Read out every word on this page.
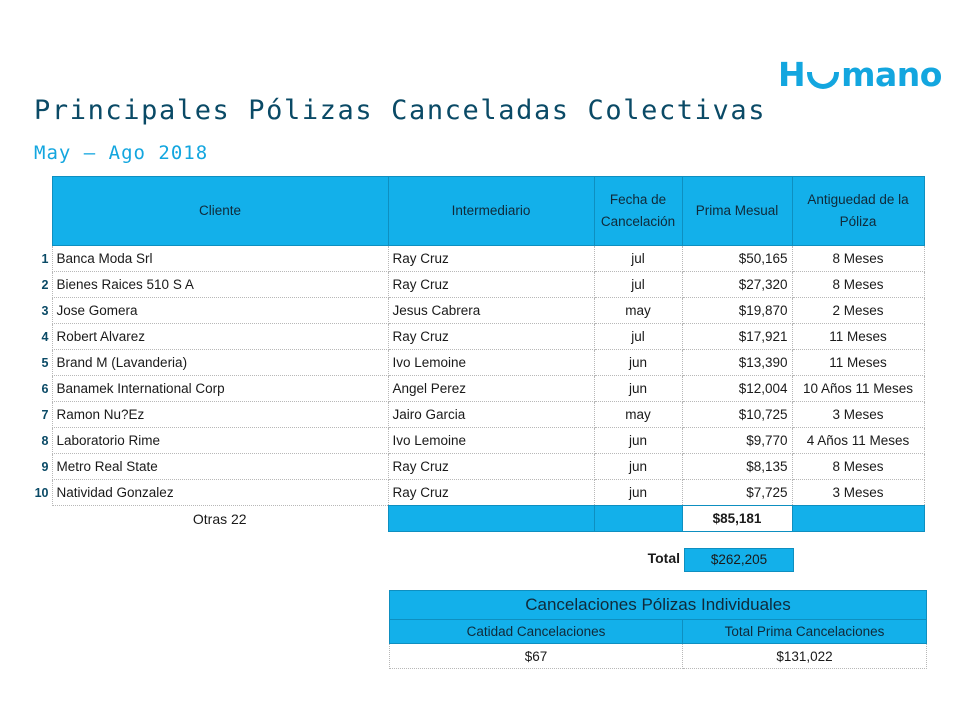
H mano
Principales Pólizas Canceladas Colectivas
May – Ago 2018
	Cliente	Intermediario	Fecha de Cancelación	Prima Mesual	Antiguedad de la Póliza
1	Banca Moda Srl	Ray Cruz	jul	$50,165	8 Meses
2	Bienes Raices 510 S A	Ray Cruz	jul	$27,320	8 Meses
3	Jose Gomera	Jesus Cabrera	may	$19,870	2 Meses
4	Robert Alvarez	Ray Cruz	jul	$17,921	11 Meses
5	Brand M (Lavanderia)	Ivo Lemoine	jun	$13,390	11 Meses
6	Banamek International Corp	Angel Perez	jun	$12,004	10 Años 11 Meses
7	Ramon Nu?Ez	Jairo Garcia	may	$10,725	3 Meses
8	Laboratorio Rime	Ivo Lemoine	jun	$9,770	4 Años 11 Meses
9	Metro Real State	Ray Cruz	jun	$8,135	8 Meses
10	Natividad Gonzalez	Ray Cruz	jun	$7,725	3 Meses
	Otras 22			$85,181	
Total	$262,205
Cancelaciones Pólizas Individuales	
Catidad Cancelaciones	Total Prima Cancelaciones
$67	$131,022
